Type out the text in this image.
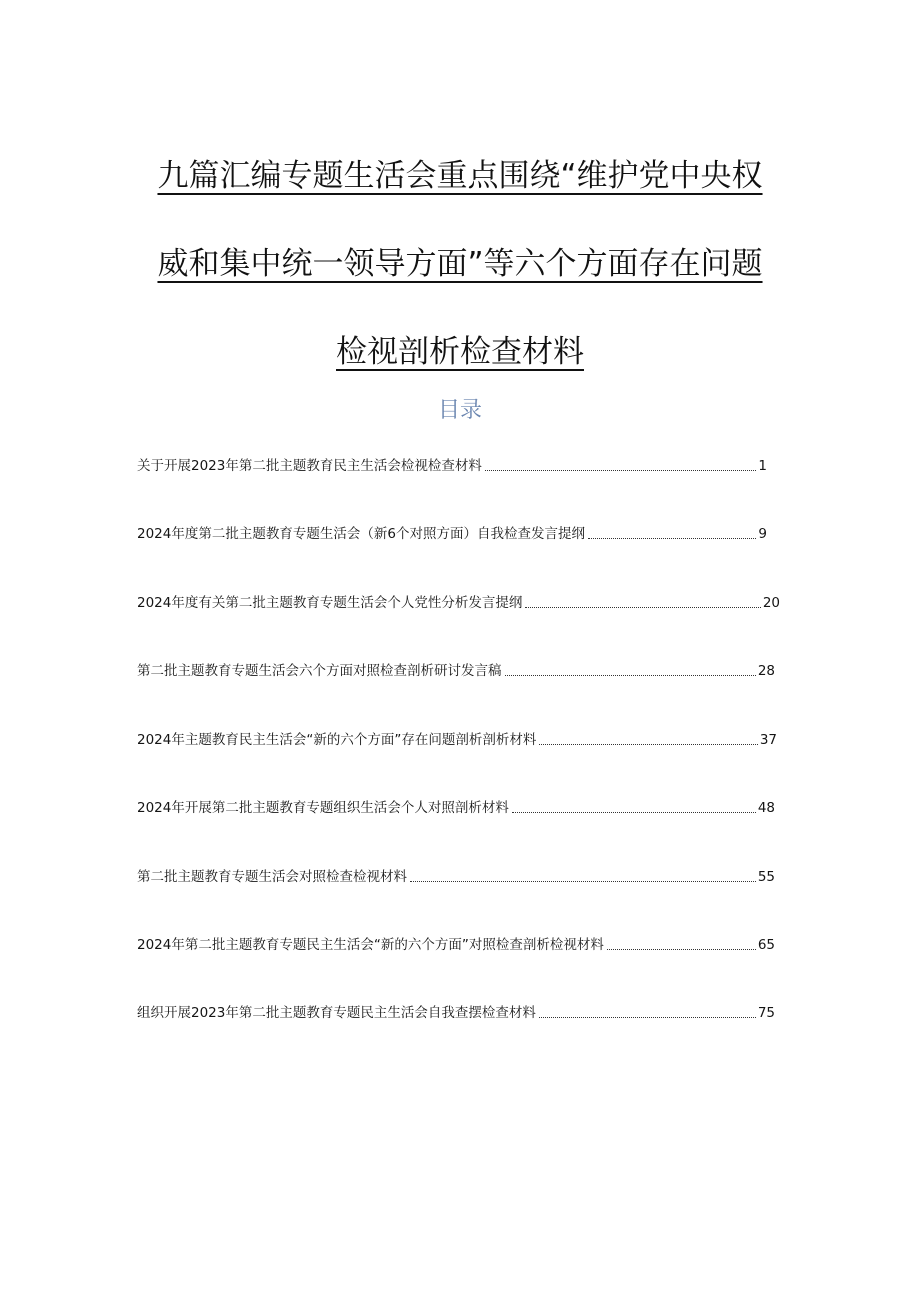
九篇汇编专题生活会重点围绕“维护党中央权
威和集中统一领导方面”等六个方面存在问题
检视剖析检查材料
目录
关于开展2023年第二批主题教育民主生活会检视检查材料	1
2024年度第二批主题教育专题生活会（新6个对照方面）自我检查发言提纲	9
2024年度有关第二批主题教育专题生活会个人党性分析发言提纲	20
第二批主题教育专题生活会六个方面对照检查剖析研讨发言稿	28
2024年主题教育民主生活会“新的六个方面”存在问题剖析剖析材料	37
2024年开展第二批主题教育专题组织生活会个人对照剖析材料	48
第二批主题教育专题生活会对照检查检视材料	55
2024年第二批主题教育专题民主生活会“新的六个方面”对照检查剖析检视材料	65
组织开展2023年第二批主题教育专题民主生活会自我查摆检查材料	75
